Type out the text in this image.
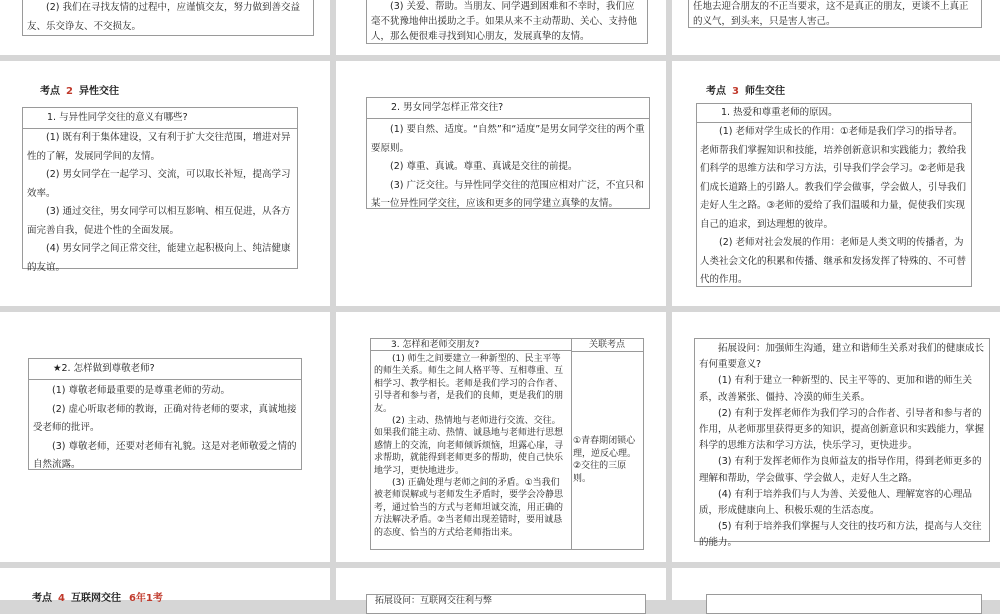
(2) 我们在寻找友情的过程中，应谨慎交友，努力做到善交益友、乐交诤友、不交损友。

(3) 关爱、帮助。当朋友、同学遇到困难和不幸时，我们应毫不犹豫地伸出援助之手。如果从来不主动帮助、关心、支持他人，那么便很难寻找到知心朋友，发展真挚的友情。

任地去迎合朋友的不正当要求，这不是真正的朋友，更谈不上真正的义气，到头来，只是害人害己。

考点 2 异性交往
1. 与异性同学交往的意义有哪些?

(1) 既有利于集体建设，又有利于扩大交往范围，增进对异性的了解，发展同学间的友情。

(2) 男女同学在一起学习、交流，可以取长补短，提高学习效率。

(3) 通过交往，男女同学可以相互影响、相互促进，从各方面完善自我，促进个性的全面发展。

(4) 男女同学之间正常交往，能建立起积极向上、纯洁健康的友谊。

2. 男女同学怎样正常交往?

(1) 要自然、适度。“自然”和“适度”是男女同学交往的两个重要原则。

(2) 尊重、真诚。尊重、真诚是交往的前提。

(3) 广泛交往。与异性同学交往的范围应相对广泛，不宜只和某一位异性同学交往，应该和更多的同学建立真挚的友情。

考点 3 师生交往
1. 热爱和尊重老师的原因。

(1) 老师对学生成长的作用：①老师是我们学习的指导者。老师帮我们掌握知识和技能，培养创新意识和实践能力；教给我们科学的思维方法和学习方法，引导我们学会学习。②老师是我们成长道路上的引路人。教我们学会做事，学会做人，引导我们走好人生之路。③老师的爱给了我们温暖和力量，促使我们实现自己的追求，到达理想的彼岸。

(2) 老师对社会发展的作用：老师是人类文明的传播者，为人类社会文化的积累和传播、继承和发扬发挥了特殊的、不可替代的作用。

★2. 怎样做到尊敬老师?

(1) 尊敬老师最重要的是尊重老师的劳动。

(2) 虚心听取老师的教诲，正确对待老师的要求，真诚地接受老师的批评。

(3) 尊敬老师，还要对老师有礼貌。这是对老师敬爱之情的自然流露。

3. 怎样和老师交朋友?	关联考点

(1) 师生之间要建立一种新型的、民主平等的师生关系。师生之间人格平等、互相尊重、互相学习、教学相长。老师是我们学习的合作者、引导者和参与者，是我们的良师，更是我们的朋友。

(2) 主动、热情地与老师进行交流、交往。如果我们能主动、热情、诚恳地与老师进行思想感情上的交流，向老师倾诉烦恼，坦露心扉，寻求帮助，就能得到老师更多的帮助，使自己快乐地学习，更快地进步。

(3) 正确处理与老师之间的矛盾。①当我们被老师误解或与老师发生矛盾时，要学会冷静思考，通过恰当的方式与老师坦诚交流，用正确的方法解决矛盾。②当老师出现差错时，要用诚恳的态度、恰当的方式给老师指出来。

①青春期闭锁心理，逆反心理。②交往的三原则。

拓展设问：加强师生沟通，建立和谐师生关系对我们的健康成长有何重要意义?

(1) 有利于建立一种新型的、民主平等的、更加和谐的师生关系，改善紧张、僵持、冷漠的师生关系。

(2) 有利于发挥老师作为我们学习的合作者、引导者和参与者的作用，从老师那里获得更多的知识，提高创新意识和实践能力，掌握科学的思维方法和学习方法，快乐学习，更快进步。

(3) 有利于发挥老师作为良师益友的指导作用，得到老师更多的理解和帮助，学会做事、学会做人，走好人生之路。

(4) 有利于培养我们与人为善、关爱他人、理解宽容的心理品质，形成健康向上、积极乐观的生活态度。

(5) 有利于培养我们掌握与人交往的技巧和方法，提高与人交往的能力。

考点 4 互联网交往 6年1考	拓展设问：互联网交往利与弊
